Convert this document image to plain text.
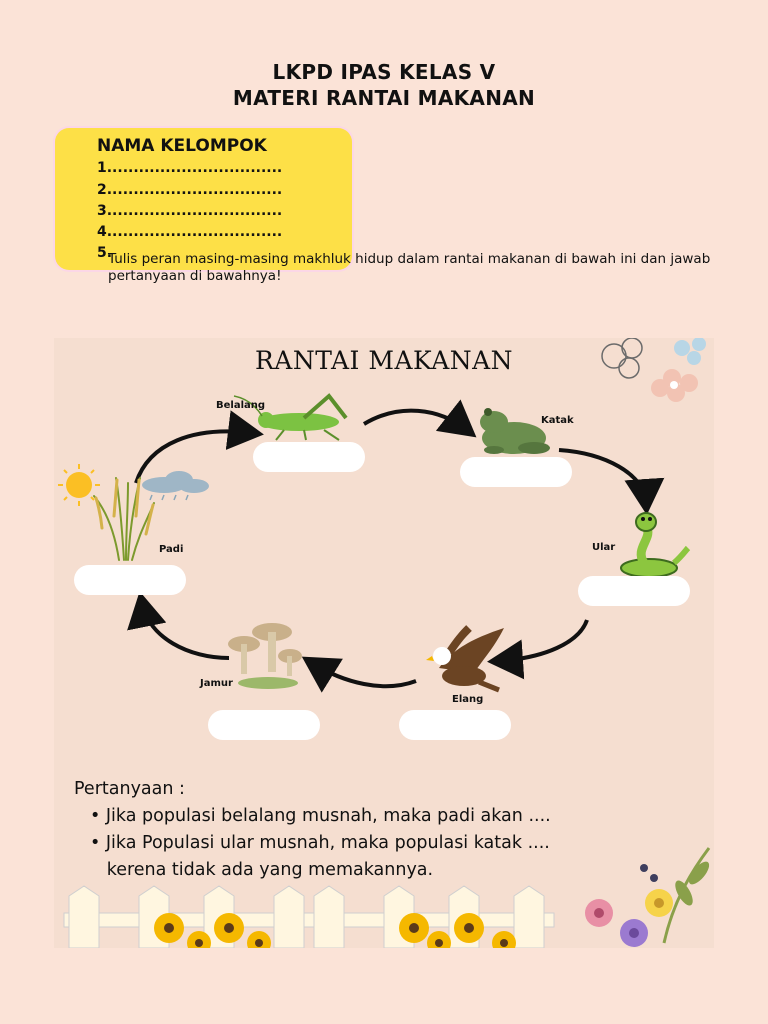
LKPD IPAS KELAS V
MATERI RANTAI MAKANAN
NAMA KELOMPOK
1.................................
2.................................
3.................................
4.................................
5.
Tulis peran masing-masing makhluk hidup dalam rantai makanan di bawah ini dan jawab pertanyaan di bawahnya!
RANTAI MAKANAN
Belalang
Katak
Padi	Ular
Jamur
Elang
Pertanyaan :
• Jika populasi belalang musnah, maka padi akan ....
• Jika Populasi ular musnah, maka populasi katak ....
kerena tidak ada yang memakannya.
